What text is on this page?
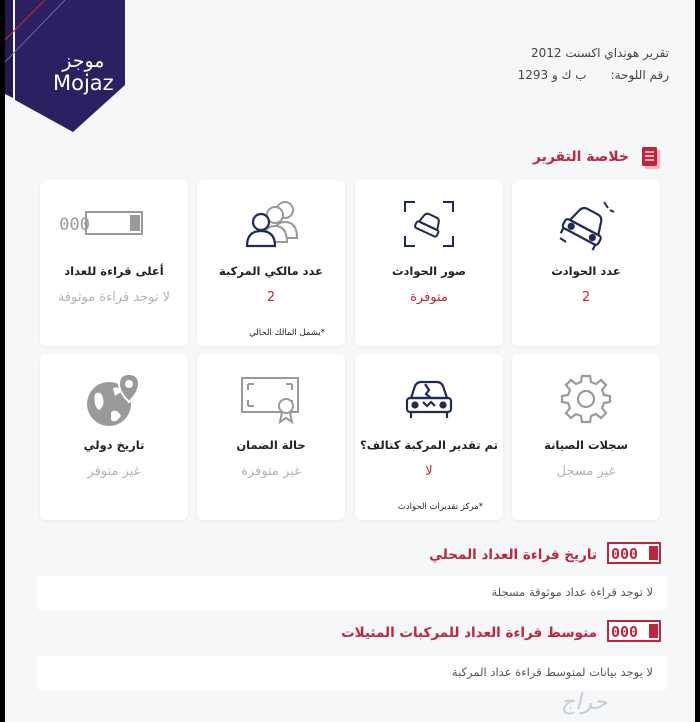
موجز
Mojaz
تقرير هونداي اكسنت 2012
رقم اللوحة:
ب ك و 1293
خلاصة التقرير
عدد الحوادث
2
صور الحوادث
متوفرة
عدد مالكي المركبة
2
*يشمل المالك الحالي
000
أعلى قراءة للعداد
لا توجد قراءة موثوقة
سجلات الصيانة
غير مسجل
تم تقدير المركبة كتالف؟
لا
*مركز تقديرات الحوادث
حالة الضمان
غير متوفرة
تاريخ دولي
غير متوفر
000
تاريخ قراءة العداد المحلي
لا توجد قراءة عداد موثوقة مسجلة
000
متوسط قراءة العداد للمركبات المثيلات
لا يوجد بيانات لمتوسط قراءة عداد المركبة
حراج
